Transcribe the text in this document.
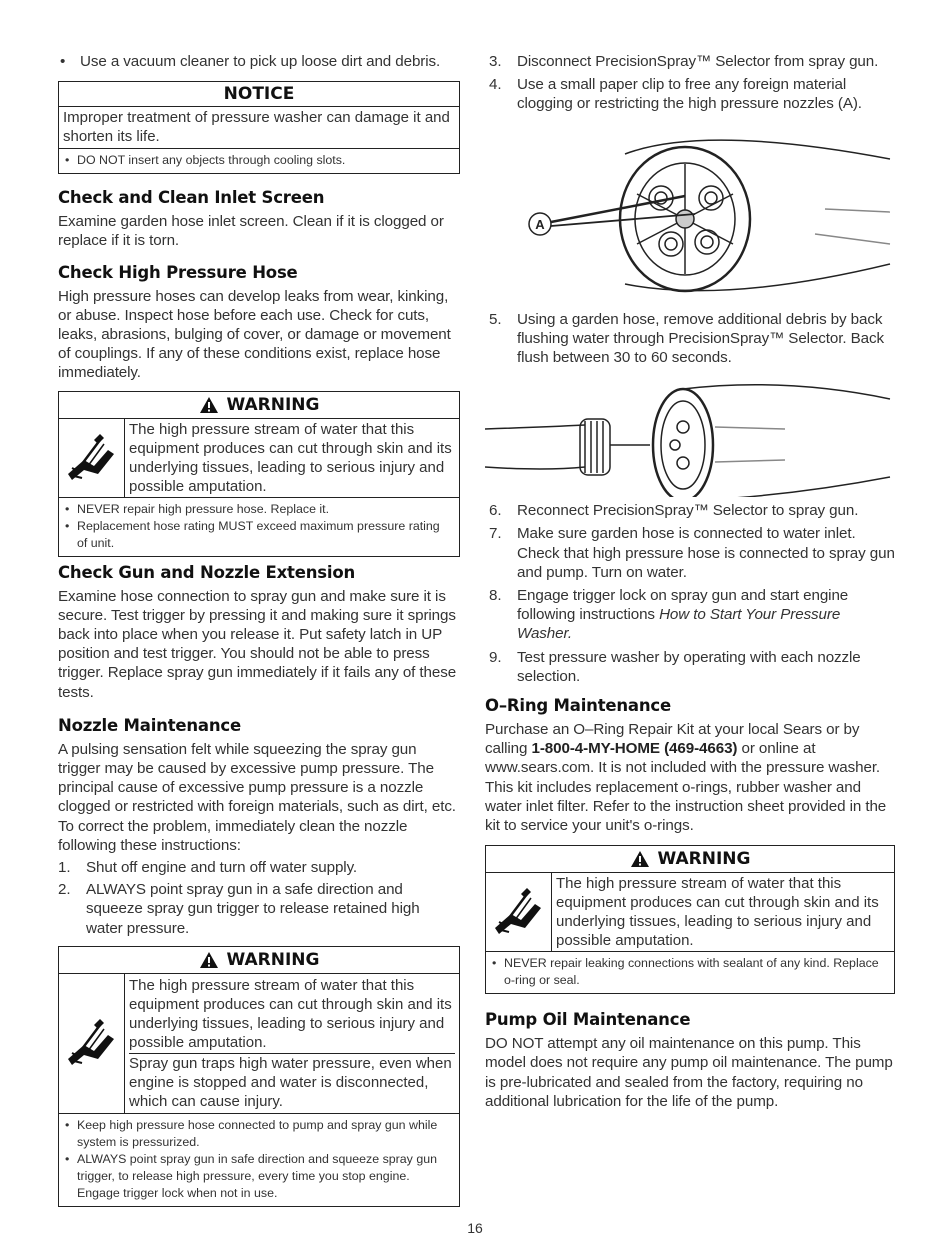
• Use a vacuum cleaner to pick up loose dirt and debris.
NOTICE
Improper treatment of pressure washer can damage it and shorten its life.
• DO NOT insert any objects through cooling slots.
Check and Clean Inlet Screen
Examine garden hose inlet screen. Clean if it is clogged or replace if it is torn.
Check High Pressure Hose
High pressure hoses can develop leaks from wear, kinking, or abuse. Inspect hose before each use. Check for cuts, leaks, abrasions, bulging of cover, or damage or movement of couplings. If any of these conditions exist, replace hose immediately.
WARNING

The high pressure stream of water that this equipment produces can cut through skin and its underlying tissues, leading to serious injury and possible amputation.

• NEVER repair high pressure hose. Replace it.
• Replacement hose rating MUST exceed maximum pressure rating of unit.
Check Gun and Nozzle Extension
Examine hose connection to spray gun and make sure it is secure. Test trigger by pressing it and making sure it springs back into place when you release it. Put safety latch in UP position and test trigger. You should not be able to press trigger. Replace spray gun immediately if it fails any of these tests.
Nozzle Maintenance
A pulsing sensation felt while squeezing the spray gun trigger may be caused by excessive pump pressure. The principal cause of excessive pump pressure is a nozzle clogged or restricted with foreign materials, such as dirt, etc. To correct the problem, immediately clean the nozzle following these instructions:
1. Shut off engine and turn off water supply.
2. ALWAYS point spray gun in a safe direction and squeeze spray gun trigger to release retained high water pressure.
WARNING

The high pressure stream of water that this equipment produces can cut through skin and its underlying tissues, leading to serious injury and possible amputation.

Spray gun traps high water pressure, even when engine is stopped and water is disconnected, which can cause injury.

• Keep high pressure hose connected to pump and spray gun while system is pressurized.
• ALWAYS point spray gun in safe direction and squeeze spray gun trigger, to release high pressure, every time you stop engine. Engage trigger lock when not in use.
3. Disconnect PrecisionSpray™ Selector from spray gun.
4. Use a small paper clip to free any foreign material clogging or restricting the high pressure nozzles (A).
A
5. Using a garden hose, remove additional debris by back flushing water through PrecisionSpray™ Selector. Back flush between 30 to 60 seconds.
6. Reconnect PrecisionSpray™ Selector to spray gun.
7. Make sure garden hose is connected to water inlet. Check that high pressure hose is connected to spray gun and pump. Turn on water.
8. Engage trigger lock on spray gun and start engine following instructions How to Start Your Pressure Washer.
9. Test pressure washer by operating with each nozzle selection.
O–Ring Maintenance
Purchase an O–Ring Repair Kit at your local Sears or by calling 1-800-4-MY-HOME (469-4663) or online at www.sears.com. It is not included with the pressure washer. This kit includes replacement o-rings, rubber washer and water inlet filter. Refer to the instruction sheet provided in the kit to service your unit's o-rings.
WARNING

The high pressure stream of water that this equipment produces can cut through skin and its underlying tissues, leading to serious injury and possible amputation.

• NEVER repair leaking connections with sealant of any kind. Replace o-ring or seal.
Pump Oil Maintenance
DO NOT attempt any oil maintenance on this pump. This model does not require any pump oil maintenance. The pump is pre-lubricated and sealed from the factory, requiring no additional lubrication for the life of the pump.
16
